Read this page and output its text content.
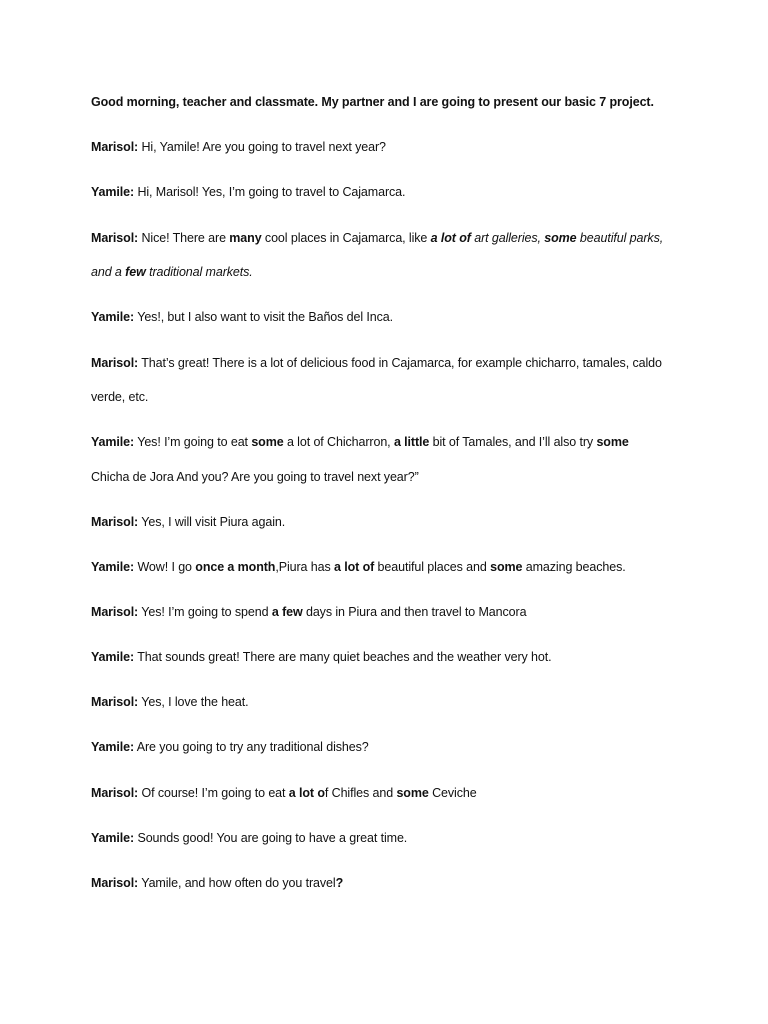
Good morning, teacher and classmate. My partner and I are going to present our basic 7 project.
Marisol: Hi, Yamile! Are you going to travel next year?
Yamile: Hi, Marisol! Yes, I’m going to travel to Cajamarca.
Marisol: Nice! There are many cool places in Cajamarca, like a lot of art galleries, some beautiful parks,
and a few traditional markets.
Yamile: Yes!, but I also want to visit the Baños del Inca.
Marisol: That’s great! There is a lot of delicious food in Cajamarca, for example chicharro, tamales, caldo
verde, etc.
Yamile: Yes! I’m going to eat some a lot of Chicharron, a little bit of Tamales, and I’ll also try some
Chicha de Jora And you? Are you going to travel next year?”
Marisol: Yes, I will visit Piura again.
Yamile: Wow! I go once a month,Piura has a lot of beautiful places and some amazing beaches.
Marisol: Yes! I’m going to spend a few days in Piura and then travel to Mancora
Yamile: That sounds great! There are many quiet beaches and the weather very hot.
Marisol: Yes, I love the heat.
Yamile: Are you going to try any traditional dishes?
Marisol: Of course! I’m going to eat a lot of Chifles and some Ceviche
Yamile: Sounds good! You are going to have a great time.
Marisol: Yamile, and how often do you travel?
